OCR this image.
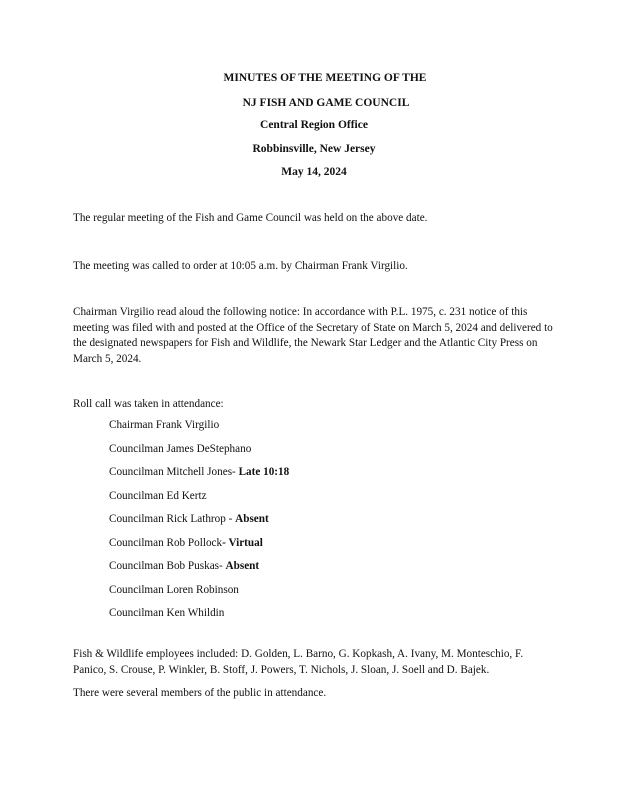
MINUTES OF THE MEETING OF THE
NJ FISH AND GAME COUNCIL
Central Region Office
Robbinsville, New Jersey
May 14, 2024

The regular meeting of the Fish and Game Council was held on the above date.

The meeting was called to order at 10:05 a.m. by Chairman Frank Virgilio.

Chairman Virgilio read aloud the following notice: In accordance with P.L. 1975, c. 231 notice of this meeting was filed with and posted at the Office of the Secretary of State on March 5, 2024 and delivered to the designated newspapers for Fish and Wildlife, the Newark Star Ledger and the Atlantic City Press on March 5, 2024.

Roll call was taken in attendance:

Chairman Frank Virgilio
Councilman James DeStephano
Councilman Mitchell Jones- Late 10:18
Councilman Ed Kertz
Councilman Rick Lathrop - Absent
Councilman Rob Pollock- Virtual
Councilman Bob Puskas- Absent
Councilman Loren Robinson
Councilman Ken Whildin

Fish & Wildlife employees included: D. Golden, L. Barno, G. Kopkash, A. Ivany, M. Monteschio, F. Panico, S. Crouse, P. Winkler, B. Stoff, J. Powers, T. Nichols, J. Sloan, J. Soell and D. Bajek.

There were several members of the public in attendance.
